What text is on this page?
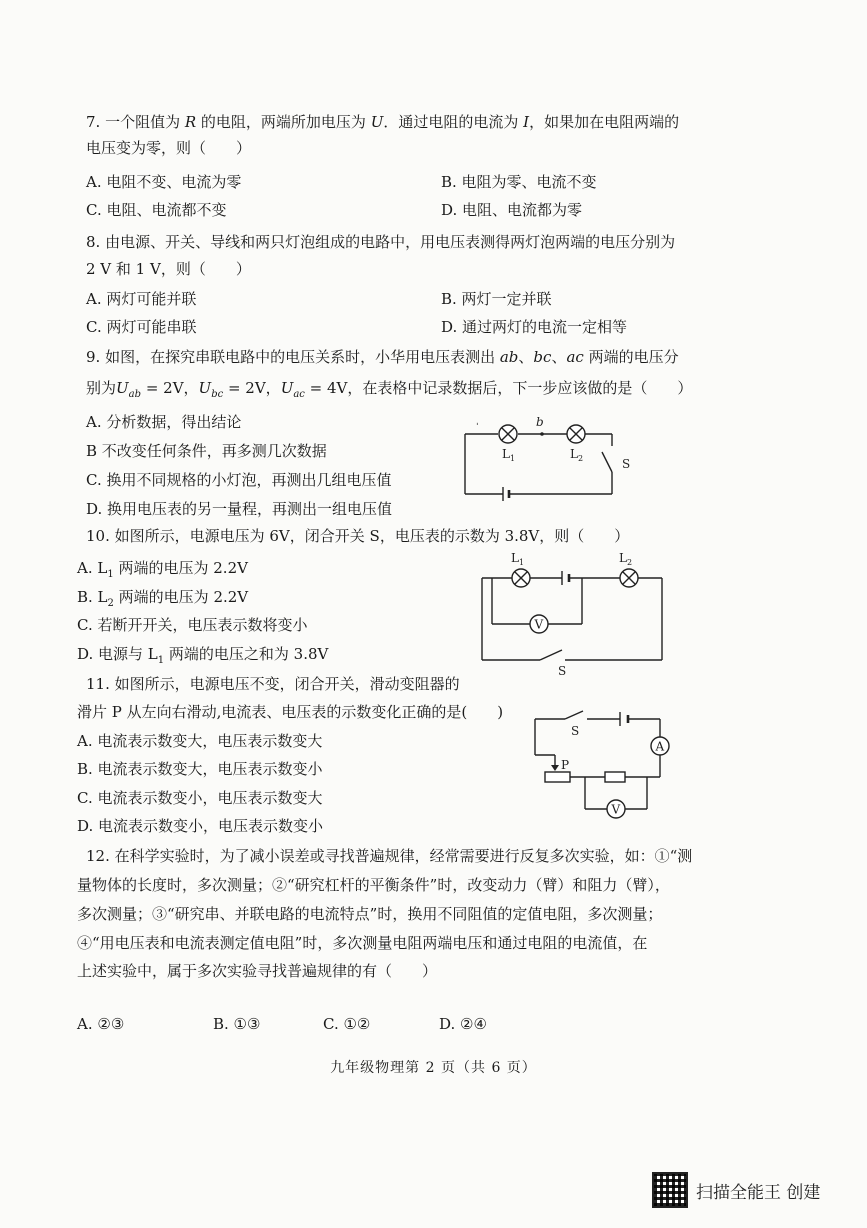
7. 一个阻值为 R 的电阻，两端所加电压为 U．通过电阻的电流为 I，如果加在电阻两端的
电压变为零，则（　　）
A. 电阻不变、电流为零	B. 电阻为零、电流不变
C. 电阻、电流都不变	D. 电阻、电流都为零
8. 由电源、开关、导线和两只灯泡组成的电路中，用电压表测得两灯泡两端的电压分别为
2 V 和 1 V，则（　　）
A. 两灯可能并联	B. 两灯一定并联
C. 两灯可能串联	D. 通过两灯的电流一定相等
9. 如图，在探究串联电路中的电压关系时，小华用电压表测出 ab、bc、ac 两端的电压分
别为$U_{ab} = 2V$，$U_{bc} = 2V$，$U_{ac} = 4V$，在表格中记录数据后，下一步应该做的是（　　）
A. 分析数据，得出结论
B 不改变任何条件，再多测几次数据
C. 换用不同规格的小灯泡，再测出几组电压值
D. 换用电压表的另一量程，再测出一组电压值
ˈ	b
$L_1$	$L_2$	S
10. 如图所示，电源电压为 6V，闭合开关 S，电压表的示数为 3.8V，则（　　）
A. $L_1$ 两端的电压为 2.2V
B. $L_2$ 两端的电压为 2.2V
C. 若断开开关，电压表示数将变小
D. 电源与 $L_1$ 两端的电压之和为 3.8V
V
$L_1$	$L_2$
S
11. 如图所示，电源电压不变，闭合开关，滑动变阻器的
滑片 P 从左向右滑动,电流表、电压表的示数变化正确的是(　　)
A. 电流表示数变大，电压表示数变大
B. 电流表示数变大，电压表示数变小
C. 电流表示数变小，电压表示数变大
D. 电流表示数变小，电压表示数变小
A
V
S
P
12. 在科学实验时，为了减小误差或寻找普遍规律，经常需要进行反复多次实验，如：①“测
量物体的长度时，多次测量；②“研究杠杆的平衡条件”时，改变动力（臂）和阻力（臂），
多次测量；③“研究串、并联电路的电流特点”时，换用不同阻值的定值电阻，多次测量；
④“用电压表和电流表测定值电阻”时，多次测量电阻两端电压和通过电阻的电流值，在
上述实验中，属于多次实验寻找普遍规律的有（　　）
A. ②③	B. ①③	C. ①②	D. ②④
九年级物理第 2 页（共 6 页）
扫描全能王 创建
